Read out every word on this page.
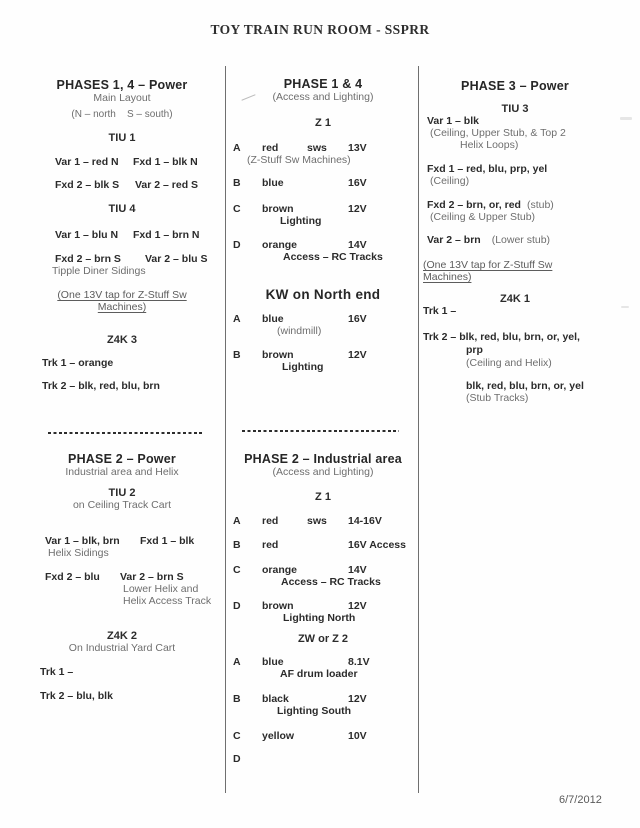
TOY TRAIN RUN ROOM - SSPRR
PHASES 1, 4 – Power
Main Layout
(N – north    S – south)
TIU 1
Var 1 – red N Fxd 1 – blk N
Fxd 2 – blk S Var 2 – red S
TIU 4
Var 1 – blu N Fxd 1 – brn N
Fxd 2 – brn S Var 2 – blu S
Tipple Diner Sidings
(One 13V tap for Z-Stuff Sw
Machines)
Z4K 3
Trk 1 – orange
Trk 2 – blk, red, blu, brn
PHASE 2 – Power
Industrial area and Helix
TIU 2
on Ceiling Track Cart
Var 1 – blk, brn Fxd 1 – blk
Helix Sidings
Fxd 2 – blu Var 2 – brn S
Lower Helix and
Helix Access Track
Z4K 2
On Industrial Yard Cart
Trk 1 –
Trk 2 – blu, blk
PHASE 1 & 4
(Access and Lighting)
Z 1
A red	sws 13V
(Z-Stuff Sw Machines)
B blue	16V
C brown	12V
Lighting
D orange	14V
Access – RC Tracks
KW on North end
A blue	16V
(windmill)
B brown	12V
Lighting
PHASE 2 – Industrial area
(Access and Lighting)
Z 1
A red	sws 14-16V
B red	16V Access
C orange	14V
Access – RC Tracks
D brown	12V
Lighting North
ZW or Z 2
A blue	8.1V
AF drum loader
B black	12V
Lighting South
C yellow	10V
D
PHASE 3 – Power
TIU 3
Var 1 – blk
(Ceiling, Upper Stub, & Top 2
Helix Loops)
Fxd 1 – red, blu, prp, yel
(Ceiling)
Fxd 2 – brn, or, red (stub)
(Ceiling & Upper Stub)
Var 2 – brn (Lower stub)
(One 13V tap for Z-Stuff Sw
Machines)
Z4K 1
Trk 1 –
Trk 2 – blk, red, blu, brn, or, yel,
prp
(Ceiling and Helix)
blk, red, blu, brn, or, yel
(Stub Tracks)
6/7/2012
